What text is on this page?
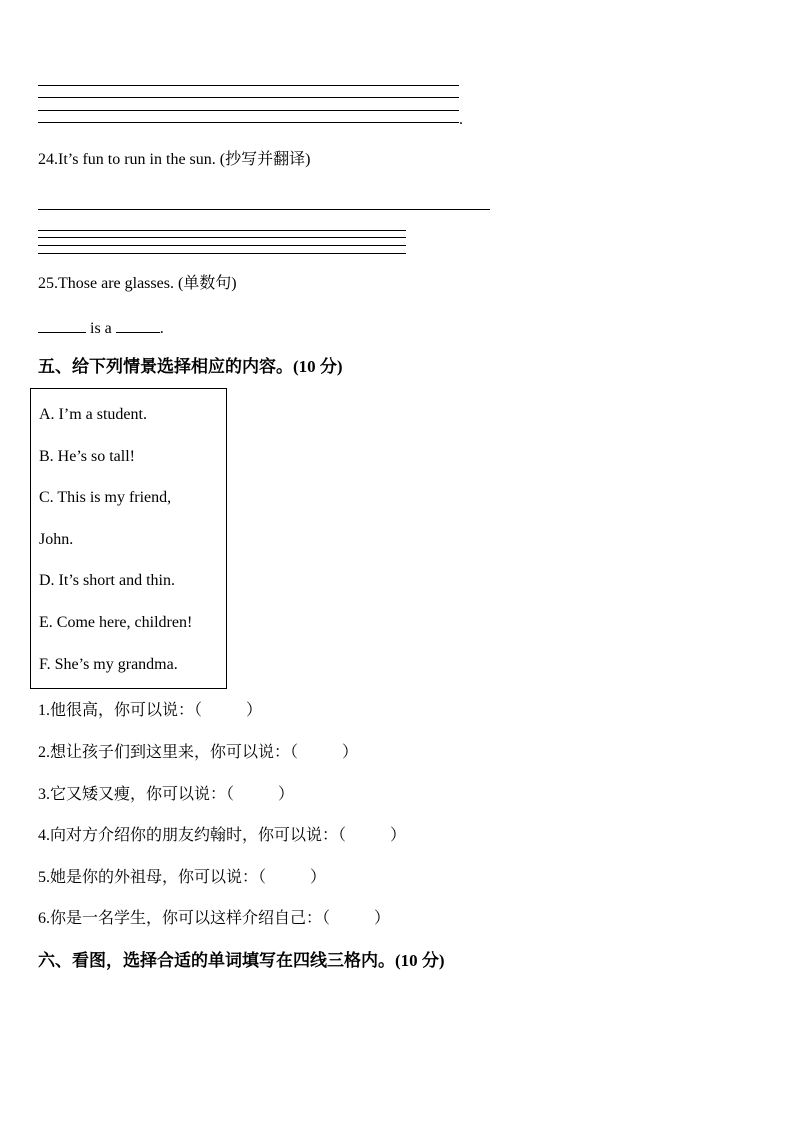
.
24.It’s fun to run in the sun. (抄写并翻译)
25.Those are glasses. (单数句)
is a	.
五、给下列情景选择相应的内容。(10 分)
A. I’m a student.
B. He’s so tall!
C. This is my friend,
John.
D. It’s short and thin.
E. Come here, children!
F. She’s my grandma.
1.他很高，你可以说：（	）
2.想让孩子们到这里来，你可以说：（	）
3.它又矮又瘦，你可以说：（	）
4.向对方介绍你的朋友约翰时，你可以说：（	）
5.她是你的外祖母，你可以说：（	）
6.你是一名学生，你可以这样介绍自己：（	）
六、看图，选择合适的单词填写在四线三格内。(10 分)
